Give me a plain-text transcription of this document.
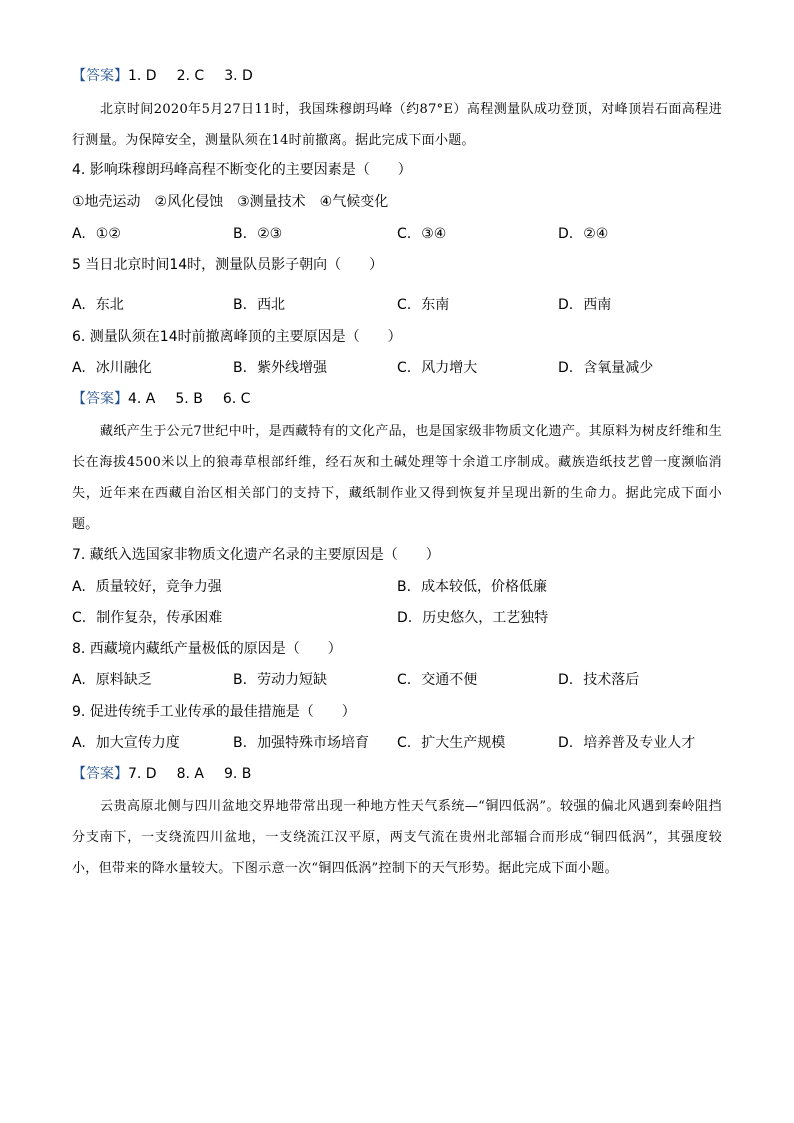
【答案】1. D 2. C 3. D
北京时间2020年5月27日11时，我国珠穆朗玛峰（约87°E）高程测量队成功登顶，对峰顶岩石面高程进行测量。为保障安全，测量队须在14时前撤离。据此完成下面小题。
4. 影响珠穆朗玛峰高程不断变化的主要因素是（　　）
①地壳运动　②风化侵蚀　③测量技术　④气候变化
A. ①②	B. ②③	C. ③④	D. ②④
5 当日北京时间14时，测量队员影子朝向（　　）
A. 东北	B. 西北	C. 东南	D. 西南
6. 测量队须在14时前撤离峰顶的主要原因是（　　）
A. 冰川融化	B. 紫外线增强	C. 风力增大	D. 含氧量减少
【答案】4. A 5. B 6. C
藏纸产生于公元7世纪中叶，是西藏特有的文化产品，也是国家级非物质文化遗产。其原料为树皮纤维和生长在海拔4500米以上的狼毒草根部纤维，经石灰和土碱处理等十余道工序制成。藏族造纸技艺曾一度濒临消失，近年来在西藏自治区相关部门的支持下，藏纸制作业又得到恢复并呈现出新的生命力。据此完成下面小题。
7. 藏纸入选国家非物质文化遗产名录的主要原因是（　　）
A. 质量较好，竞争力强	B. 成本较低，价格低廉
C. 制作复杂，传承困难	D. 历史悠久，工艺独特
8. 西藏境内藏纸产量极低的原因是（　　）
A. 原料缺乏	B. 劳动力短缺	C. 交通不便	D. 技术落后
9. 促进传统手工业传承的最佳措施是（　　）
A. 加大宣传力度	B. 加强特殊市场培育 C. 扩大生产规模	D. 培养普及专业人才
【答案】7. D 8. A 9. B
云贵高原北侧与四川盆地交界地带常出现一种地方性天气系统—“铜四低涡”。较强的偏北风遇到秦岭阻挡分支南下，一支绕流四川盆地，一支绕流江汉平原，两支气流在贵州北部辐合而形成“铜四低涡”，其强度较小，但带来的降水量较大。下图示意一次“铜四低涡”控制下的天气形势。据此完成下面小题。
